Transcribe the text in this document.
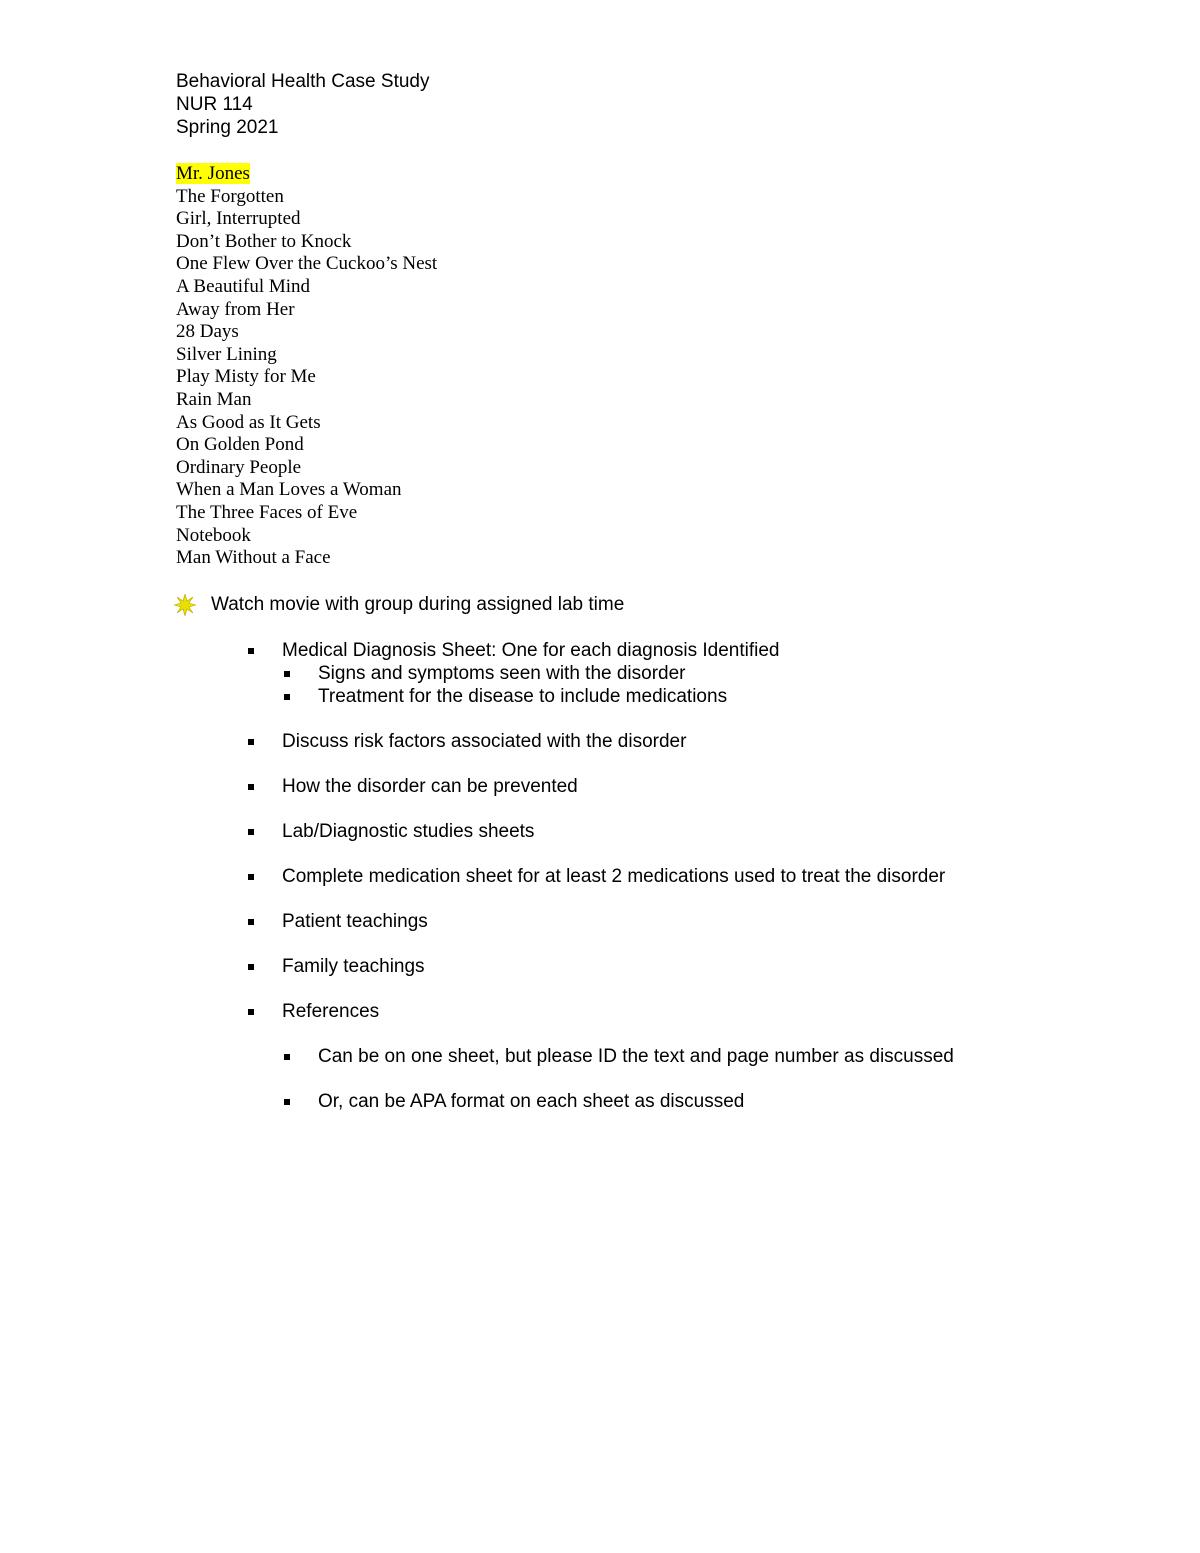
Behavioral Health Case Study
NUR 114
Spring 2021
Mr. Jones
The Forgotten
Girl, Interrupted
Don’t Bother to Knock
One Flew Over the Cuckoo’s Nest
A Beautiful Mind
Away from Her
28 Days
Silver Lining
Play Misty for Me
Rain Man
As Good as It Gets
On Golden Pond
Ordinary People
When a Man Loves a Woman
The Three Faces of Eve
Notebook
Man Without a Face
Watch movie with group during assigned lab time
Medical Diagnosis Sheet: One for each diagnosis Identified
Signs and symptoms seen with the disorder
Treatment for the disease to include medications
Discuss risk factors associated with the disorder
How the disorder can be prevented
Lab/Diagnostic studies sheets
Complete medication sheet for at least 2 medications used to treat the disorder
Patient teachings
Family teachings
References
Can be on one sheet, but please ID the text and page number as discussed
Or, can be APA format on each sheet as discussed
